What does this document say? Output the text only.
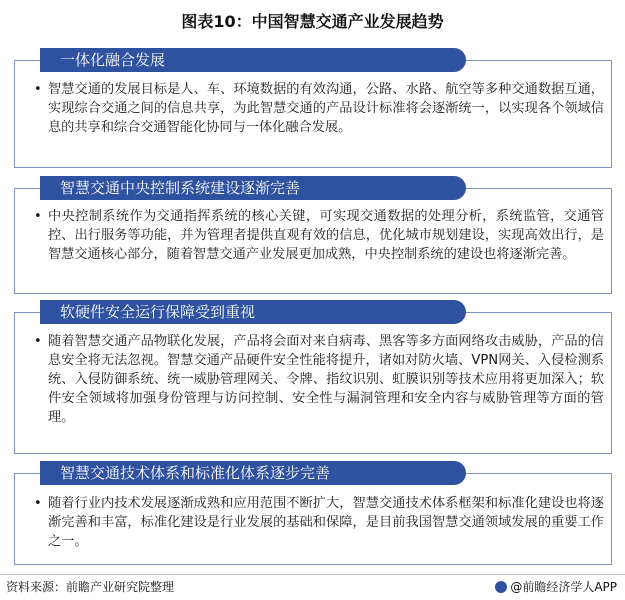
图表10：中国智慧交通产业发展趋势
一体化融合发展
• 智慧交通的发展目标是人、车、环境数据的有效沟通，公路、水路、航空等多种交通数据互通，实现综合交通之间的信息共享，为此智慧交通的产品设计标准将会逐渐统一，以实现各个领域信息的共享和综合交通智能化协同与一体化融合发展。
智慧交通中央控制系统建设逐渐完善
• 中央控制系统作为交通指挥系统的核心关键，可实现交通数据的处理分析，系统监管，交通管控、出行服务等功能，并为管理者提供直观有效的信息，优化城市规划建设，实现高效出行，是智慧交通核心部分，随着智慧交通产业发展更加成熟，中央控制系统的建设也将逐渐完善。
软硬件安全运行保障受到重视
• 随着智慧交通产品物联化发展，产品将会面对来自病毒、黑客等多方面网络攻击威胁，产品的信息安全将无法忽视。智慧交通产品硬件安全性能将提升，诸如对防火墙、VPN网关、入侵检测系统、入侵防御系统、统一威胁管理网关、令牌、指纹识别、虹膜识别等技术应用将更加深入；软件安全领域将加强身份管理与访问控制、安全性与漏洞管理和安全内容与威胁管理等方面的管理。
智慧交通技术体系和标准化体系逐步完善
• 随着行业内技术发展逐渐成熟和应用范围不断扩大，智慧交通技术体系框架和标准化建设也将逐渐完善和丰富，标准化建设是行业发展的基础和保障，是目前我国智慧交通领域发展的重要工作之一。
资料来源：前瞻产业研究院整理	@前瞻经济学人APP
